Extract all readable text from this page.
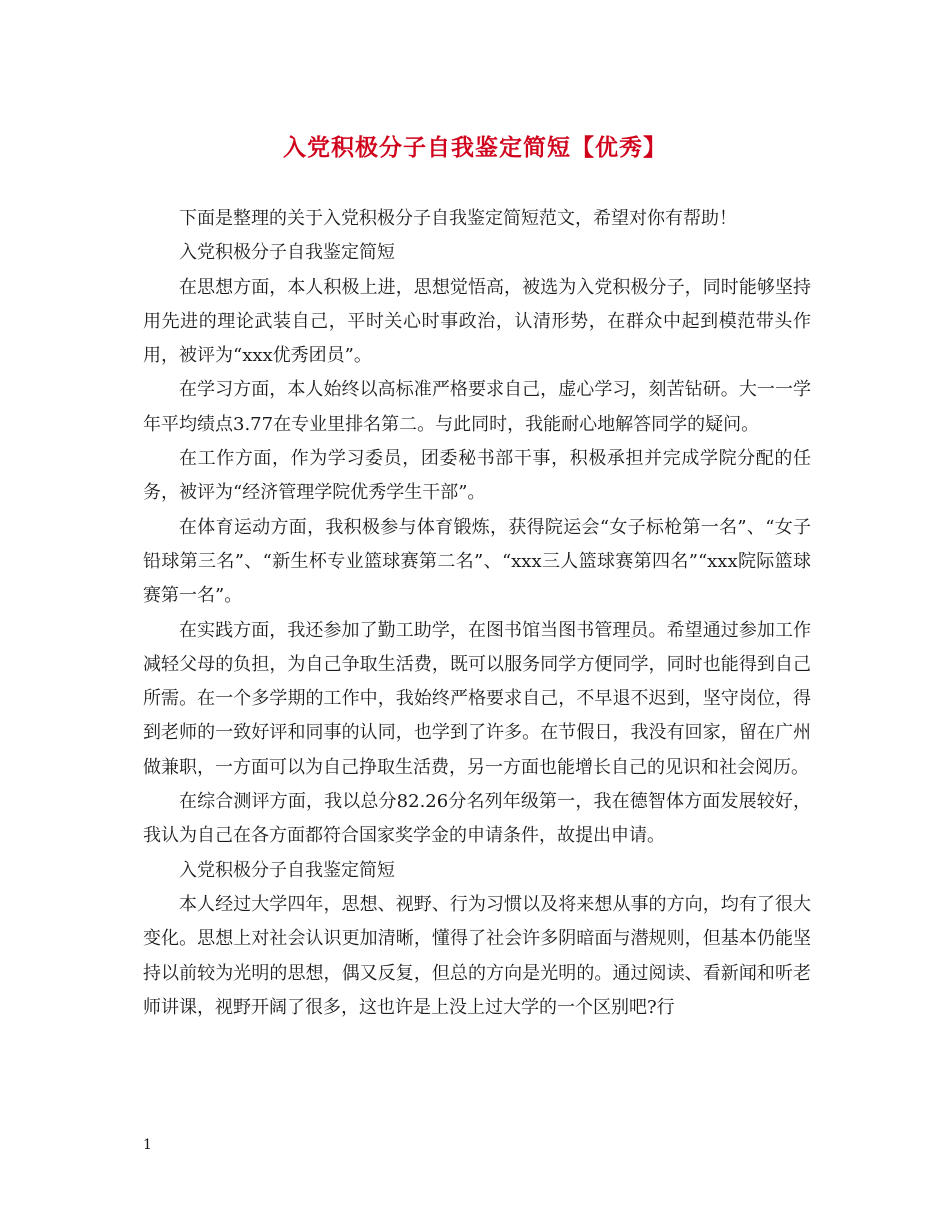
入党积极分子自我鉴定简短【优秀】

下面是整理的关于入党积极分子自我鉴定简短范文，希望对你有帮助！

入党积极分子自我鉴定简短

在思想方面，本人积极上进，思想觉悟高，被选为入党积极分子，同时能够坚持用先进的理论武装自己，平时关心时事政治，认清形势，在群众中起到模范带头作用，被评为“xxx优秀团员”。

在学习方面，本人始终以高标准严格要求自己，虚心学习，刻苦钻研。大一一学年平均绩点3.77在专业里排名第二。与此同时，我能耐心地解答同学的疑问。

在工作方面，作为学习委员，团委秘书部干事，积极承担并完成学院分配的任务，被评为“经济管理学院优秀学生干部”。

在体育运动方面，我积极参与体育锻炼，获得院运会“女子标枪第一名”、“女子铅球第三名”、“新生杯专业篮球赛第二名”、“xxx三人篮球赛第四名”“xxx院际篮球赛第一名”。

在实践方面，我还参加了勤工助学，在图书馆当图书管理员。希望通过参加工作减轻父母的负担，为自己争取生活费，既可以服务同学方便同学，同时也能得到自己所需。在一个多学期的工作中，我始终严格要求自己，不早退不迟到，坚守岗位，得到老师的一致好评和同事的认同，也学到了许多。在节假日，我没有回家，留在广州做兼职，一方面可以为自己挣取生活费，另一方面也能增长自己的见识和社会阅历。

在综合测评方面，我以总分82.26分名列年级第一，我在德智体方面发展较好，我认为自己在各方面都符合国家奖学金的申请条件，故提出申请。

入党积极分子自我鉴定简短

本人经过大学四年，思想、视野、行为习惯以及将来想从事的方向，均有了很大变化。思想上对社会认识更加清晰，懂得了社会许多阴暗面与潜规则，但基本仍能坚持以前较为光明的思想，偶又反复，但总的方向是光明的。通过阅读、看新闻和听老师讲课，视野开阔了很多，这也许是上没上过大学的一个区别吧?行

1
